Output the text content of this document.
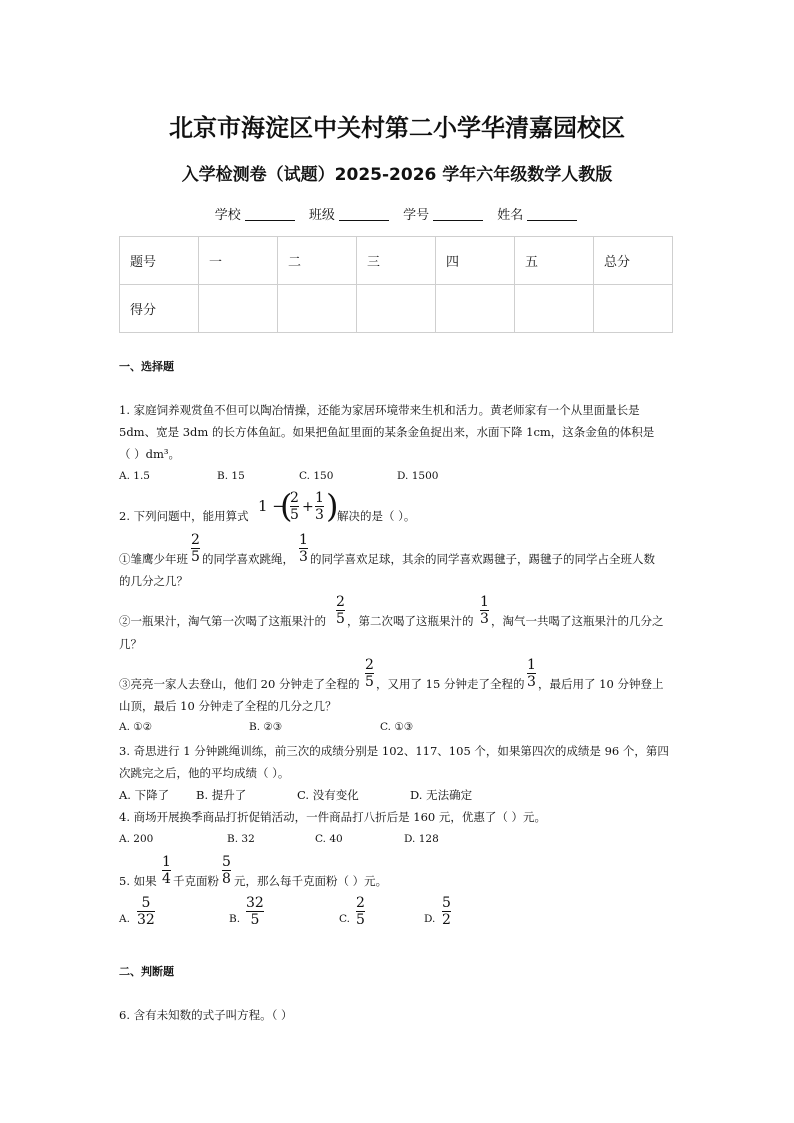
北京市海淀区中关村第二小学华清嘉园校区
入学检测卷（试题）2025-2026 学年六年级数学人教版
学校	班级	学号	姓名
题号	一	二	三	四	五	总分
得分						
一、选择题
1. 家庭饲养观赏鱼不但可以陶冶情操，还能为家居环境带来生机和活力。黄老师家有一个从里面量长是
5dm、宽是 3dm 的长方体鱼缸。如果把鱼缸里面的某条金鱼捉出来，水面下降 1cm，这条金鱼的体积是
（ ）dm³。
A. 1.5	B. 15	C. 150	D. 1500
2. 下列问题中，能用算式
1 −
(
2
5 +
1
3 )
解决的是（ ）。
①雏鹰少年班
2
5 的同学喜欢跳绳，
1
3 的同学喜欢足球，其余的同学喜欢踢毽子，踢毽子的同学占全班人数
的几分之几？
②一瓶果汁，淘气第一次喝了这瓶果汁的
2
5 ，第二次喝了这瓶果汁的
1
3 ，淘气一共喝了这瓶果汁的几分之
几？
③亮亮一家人去登山，他们 20 分钟走了全程的
2
5 ，又用了 15 分钟走了全程的
1
3 ，最后用了 10 分钟登上
山顶，最后 10 分钟走了全程的几分之几？
A. ①②	B. ②③	C. ①③
3. 奇思进行 1 分钟跳绳训练，前三次的成绩分别是 102、117、105 个，如果第四次的成绩是 96 个，第四
次跳完之后，他的平均成绩（ ）。
A. 下降了 B. 提升了	C. 没有变化	D. 无法确定
4. 商场开展换季商品打折促销活动，一件商品打八折后是 160 元，优惠了（ ）元。
A. 200	B. 32	C. 40	D. 128
5. 如果
1
4 千克面粉
5
8 元，那么每千克面粉（ ）元。
A.
5
32	B.
32
5	C.
2
5	D.
5
2
二、判断题
6. 含有未知数的式子叫方程。（ ）
